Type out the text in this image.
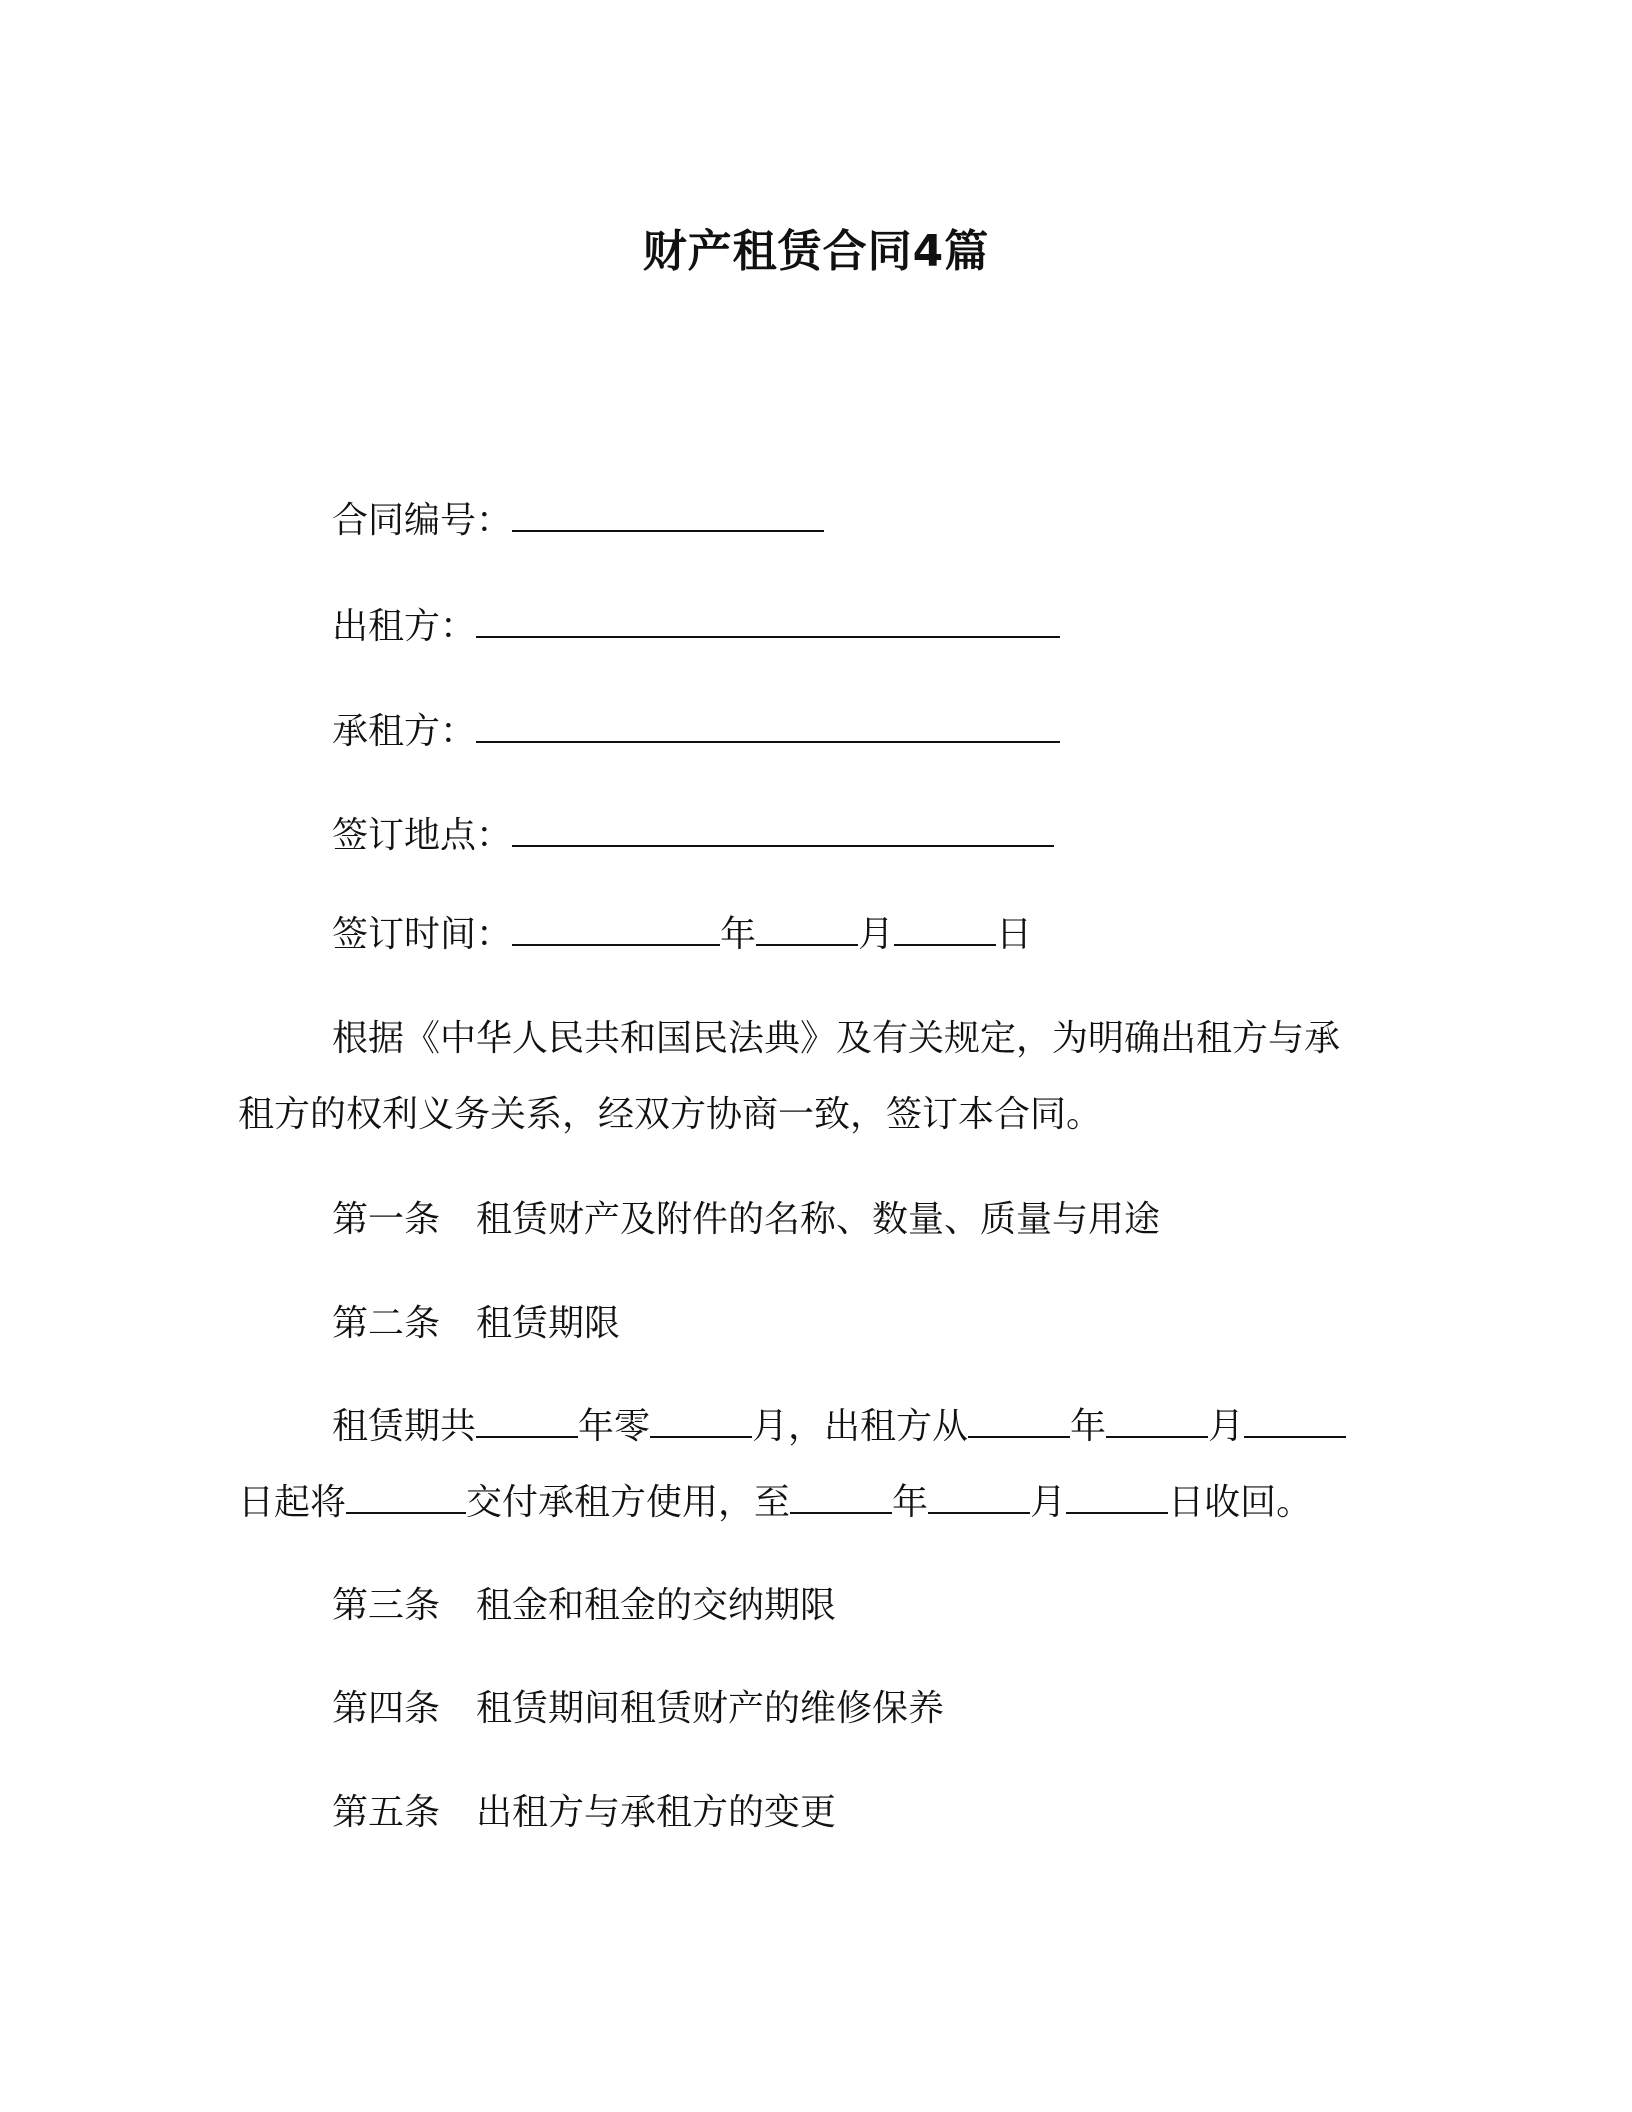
财产租赁合同4篇
合同编号：
出租方：
承租方：
签订地点：
签订时间：	年	月	日
根据《中华人民共和国民法典》及有关规定，为明确出租方与承
租方的权利义务关系，经双方协商一致，签订本合同。
第一条 租赁财产及附件的名称、数量、质量与用途
第二条 租赁期限
租赁期共	年零	月，出租方从	年	月
日起将	交付承租方使用，至	年	月	日收回。
第三条 租金和租金的交纳期限
第四条 租赁期间租赁财产的维修保养
第五条 出租方与承租方的变更
